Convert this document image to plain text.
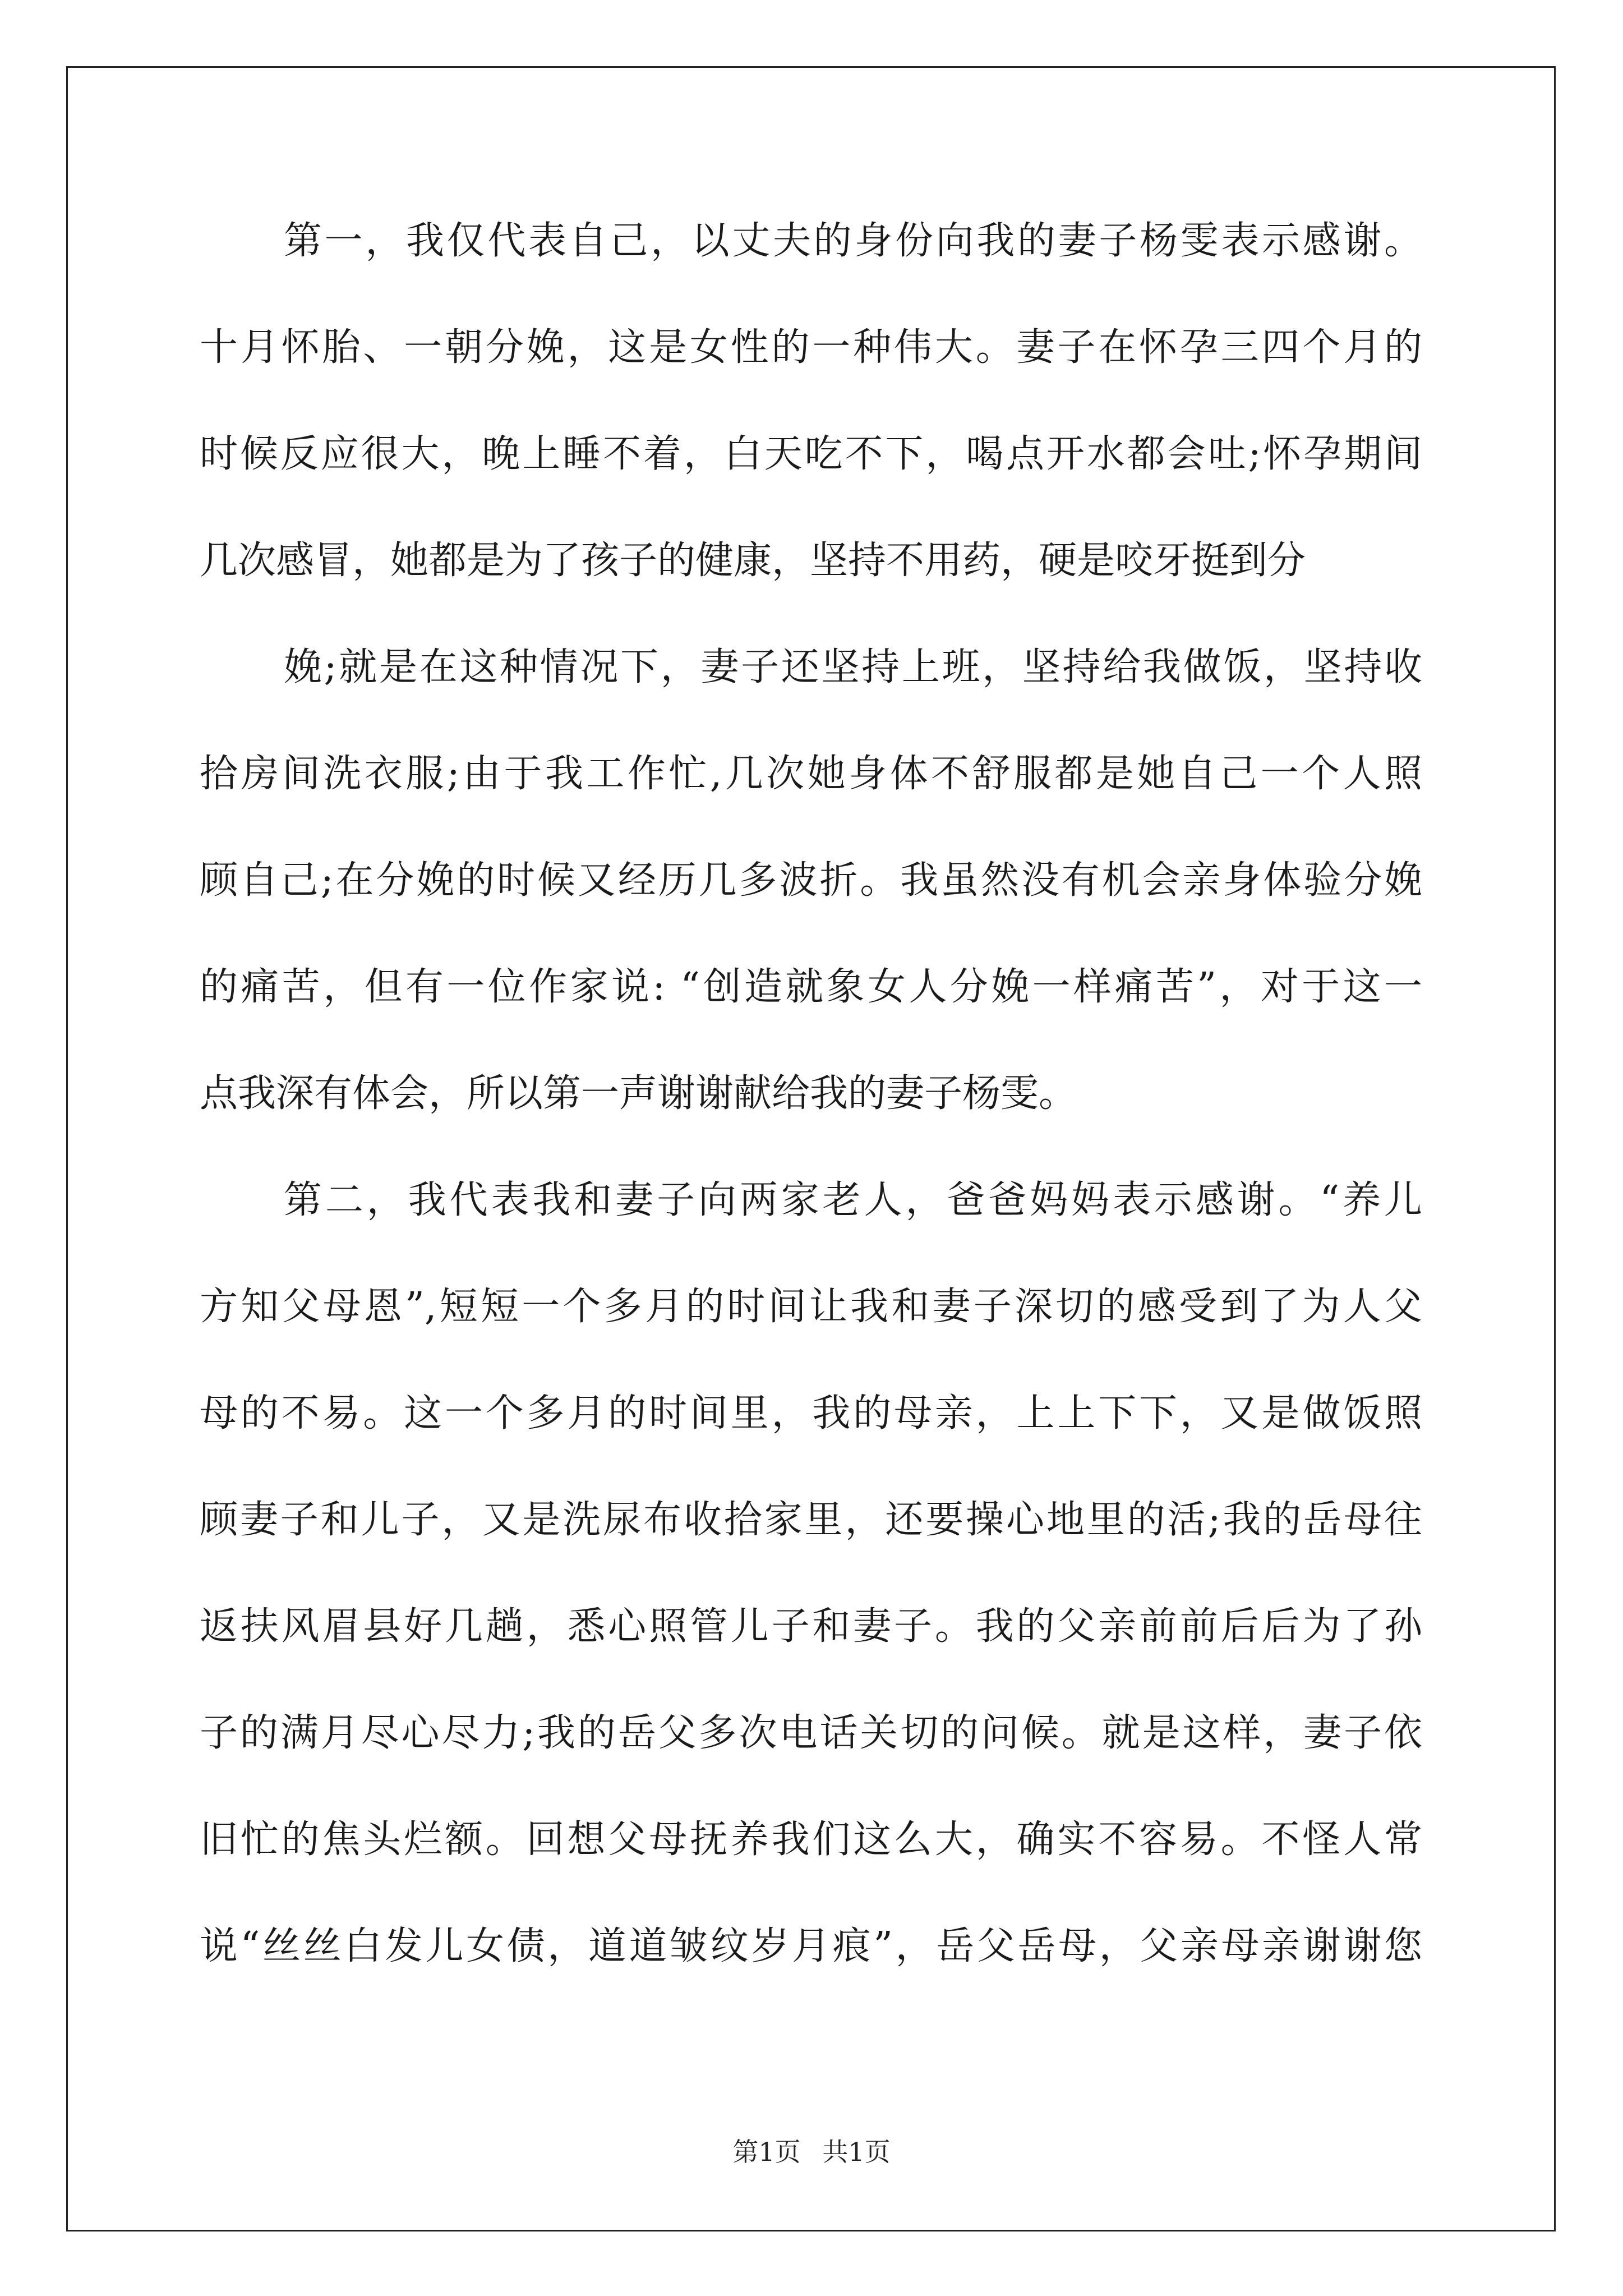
第一，我仅代表自己，以丈夫的身份向我的妻子杨雯表示感谢。
十月怀胎、一朝分娩，这是女性的一种伟大。妻子在怀孕三四个月的
时候反应很大，晚上睡不着，白天吃不下，喝点开水都会吐;怀孕期间
几次感冒，她都是为了孩子的健康，坚持不用药，硬是咬牙挺到分
娩;就是在这种情况下，妻子还坚持上班，坚持给我做饭，坚持收
拾房间洗衣服;由于我工作忙,几次她身体不舒服都是她自己一个人照
顾自己;在分娩的时候又经历几多波折。我虽然没有机会亲身体验分娩
的痛苦，但有一位作家说: “创造就象女人分娩一样痛苦”，对于这一
点我深有体会，所以第一声谢谢献给我的妻子杨雯。
第二，我代表我和妻子向两家老人，爸爸妈妈表示感谢。“养儿
方知父母恩”,短短一个多月的时间让我和妻子深切的感受到了为人父
母的不易。这一个多月的时间里，我的母亲，上上下下，又是做饭照
顾妻子和儿子，又是洗尿布收拾家里，还要操心地里的活;我的岳母往
返扶风眉县好几趟，悉心照管儿子和妻子。我的父亲前前后后为了孙
子的满月尽心尽力;我的岳父多次电话关切的问候。就是这样，妻子依
旧忙的焦头烂额。回想父母抚养我们这么大，确实不容易。不怪人常
说“丝丝白发儿女债，道道皱纹岁月痕”，岳父岳母，父亲母亲谢谢您
第1页 共1页
